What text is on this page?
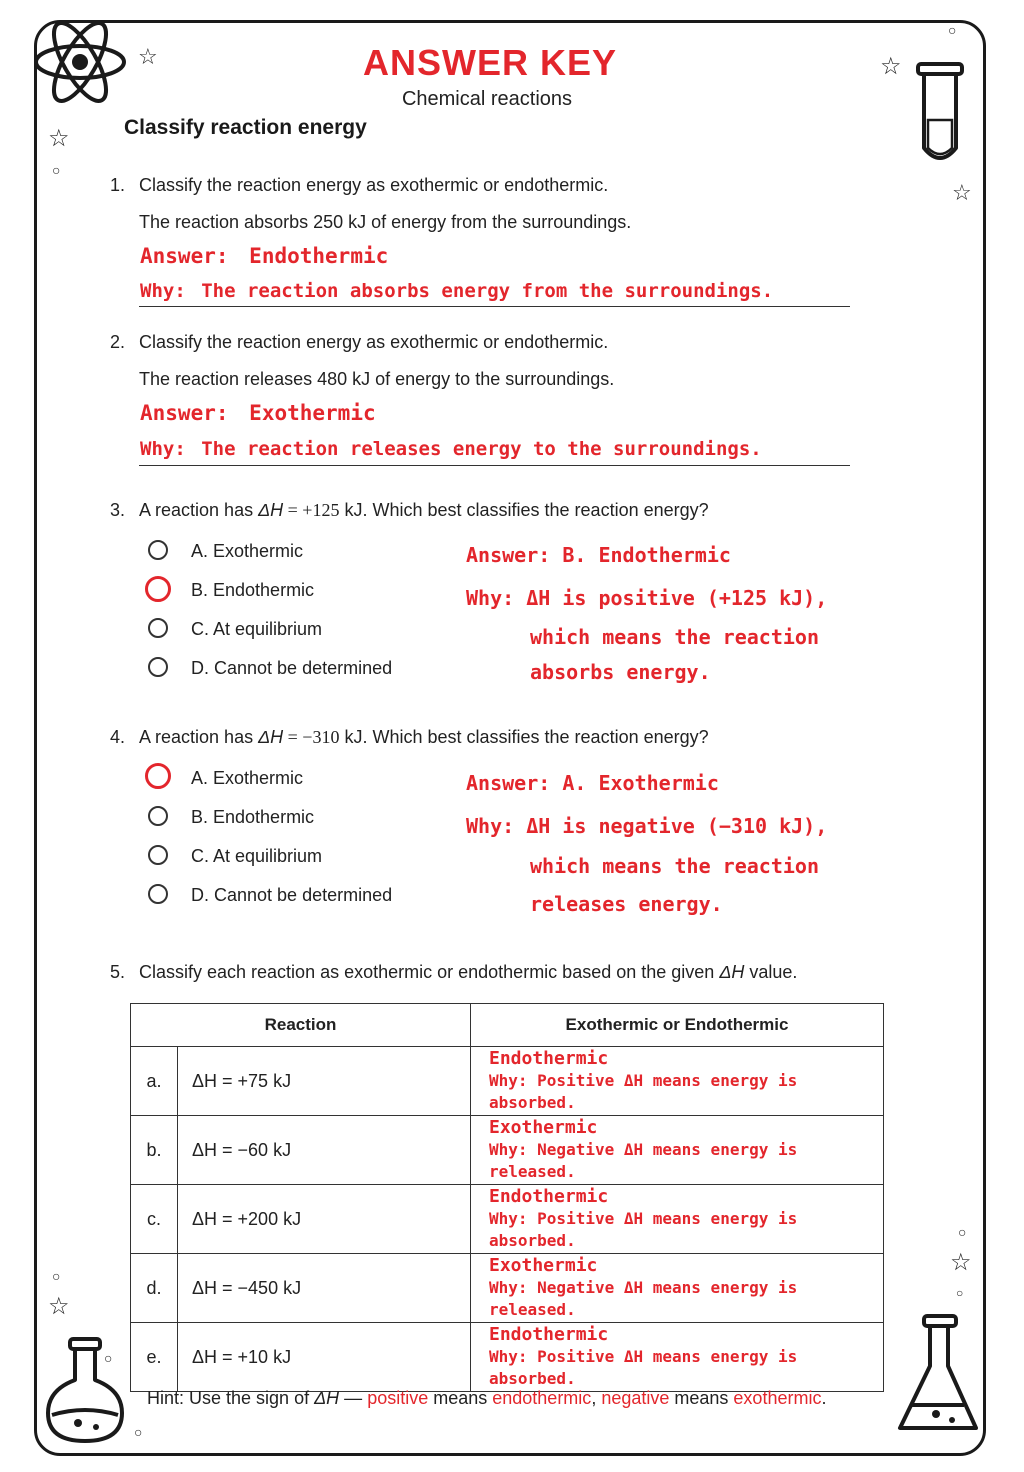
☆
☆
○
☆
○
☆
○
☆
○
○
○
☆
○
ANSWER KEY
Chemical reactions
Classify reaction energy
1. Classify the reaction energy as exothermic or endothermic.
The reaction absorbs 250 kJ of energy from the surroundings.
Answer: Endothermic
Why: The reaction absorbs energy from the surroundings.
2. Classify the reaction energy as exothermic or endothermic.
The reaction releases 480 kJ of energy to the surroundings.
Answer: Exothermic
Why: The reaction releases energy to the surroundings.
3. A reaction has ΔH = +125 kJ. Which best classifies the reaction energy?
A. Exothermic
B. Endothermic
C. At equilibrium
D. Cannot be determined
Answer: B. Endothermic
Why: ΔH is positive (+125 kJ),
which means the reaction
absorbs energy.
4. A reaction has ΔH = −310 kJ. Which best classifies the reaction energy?
A. Exothermic
B. Endothermic
C. At equilibrium
D. Cannot be determined
Answer: A. Exothermic
Why: ΔH is negative (−310 kJ),
which means the reaction
releases energy.
5. Classify each reaction as exothermic or endothermic based on the given ΔH value.
Reaction		Exothermic or Endothermic
a.	ΔH = +75 kJ	Endothermic
Why: Positive ΔH means energy is absorbed.

b.	ΔH = −60 kJ	Exothermic
Why: Negative ΔH means energy is released.

c.	ΔH = +200 kJ	Endothermic
Why: Positive ΔH means energy is absorbed.

d.	ΔH = −450 kJ	Exothermic
Why: Negative ΔH means energy is released.

e.	ΔH = +10 kJ	Endothermic
Why: Positive ΔH means energy is absorbed.
Hint: Use the sign of ΔH — positive means endothermic, negative means exothermic.
